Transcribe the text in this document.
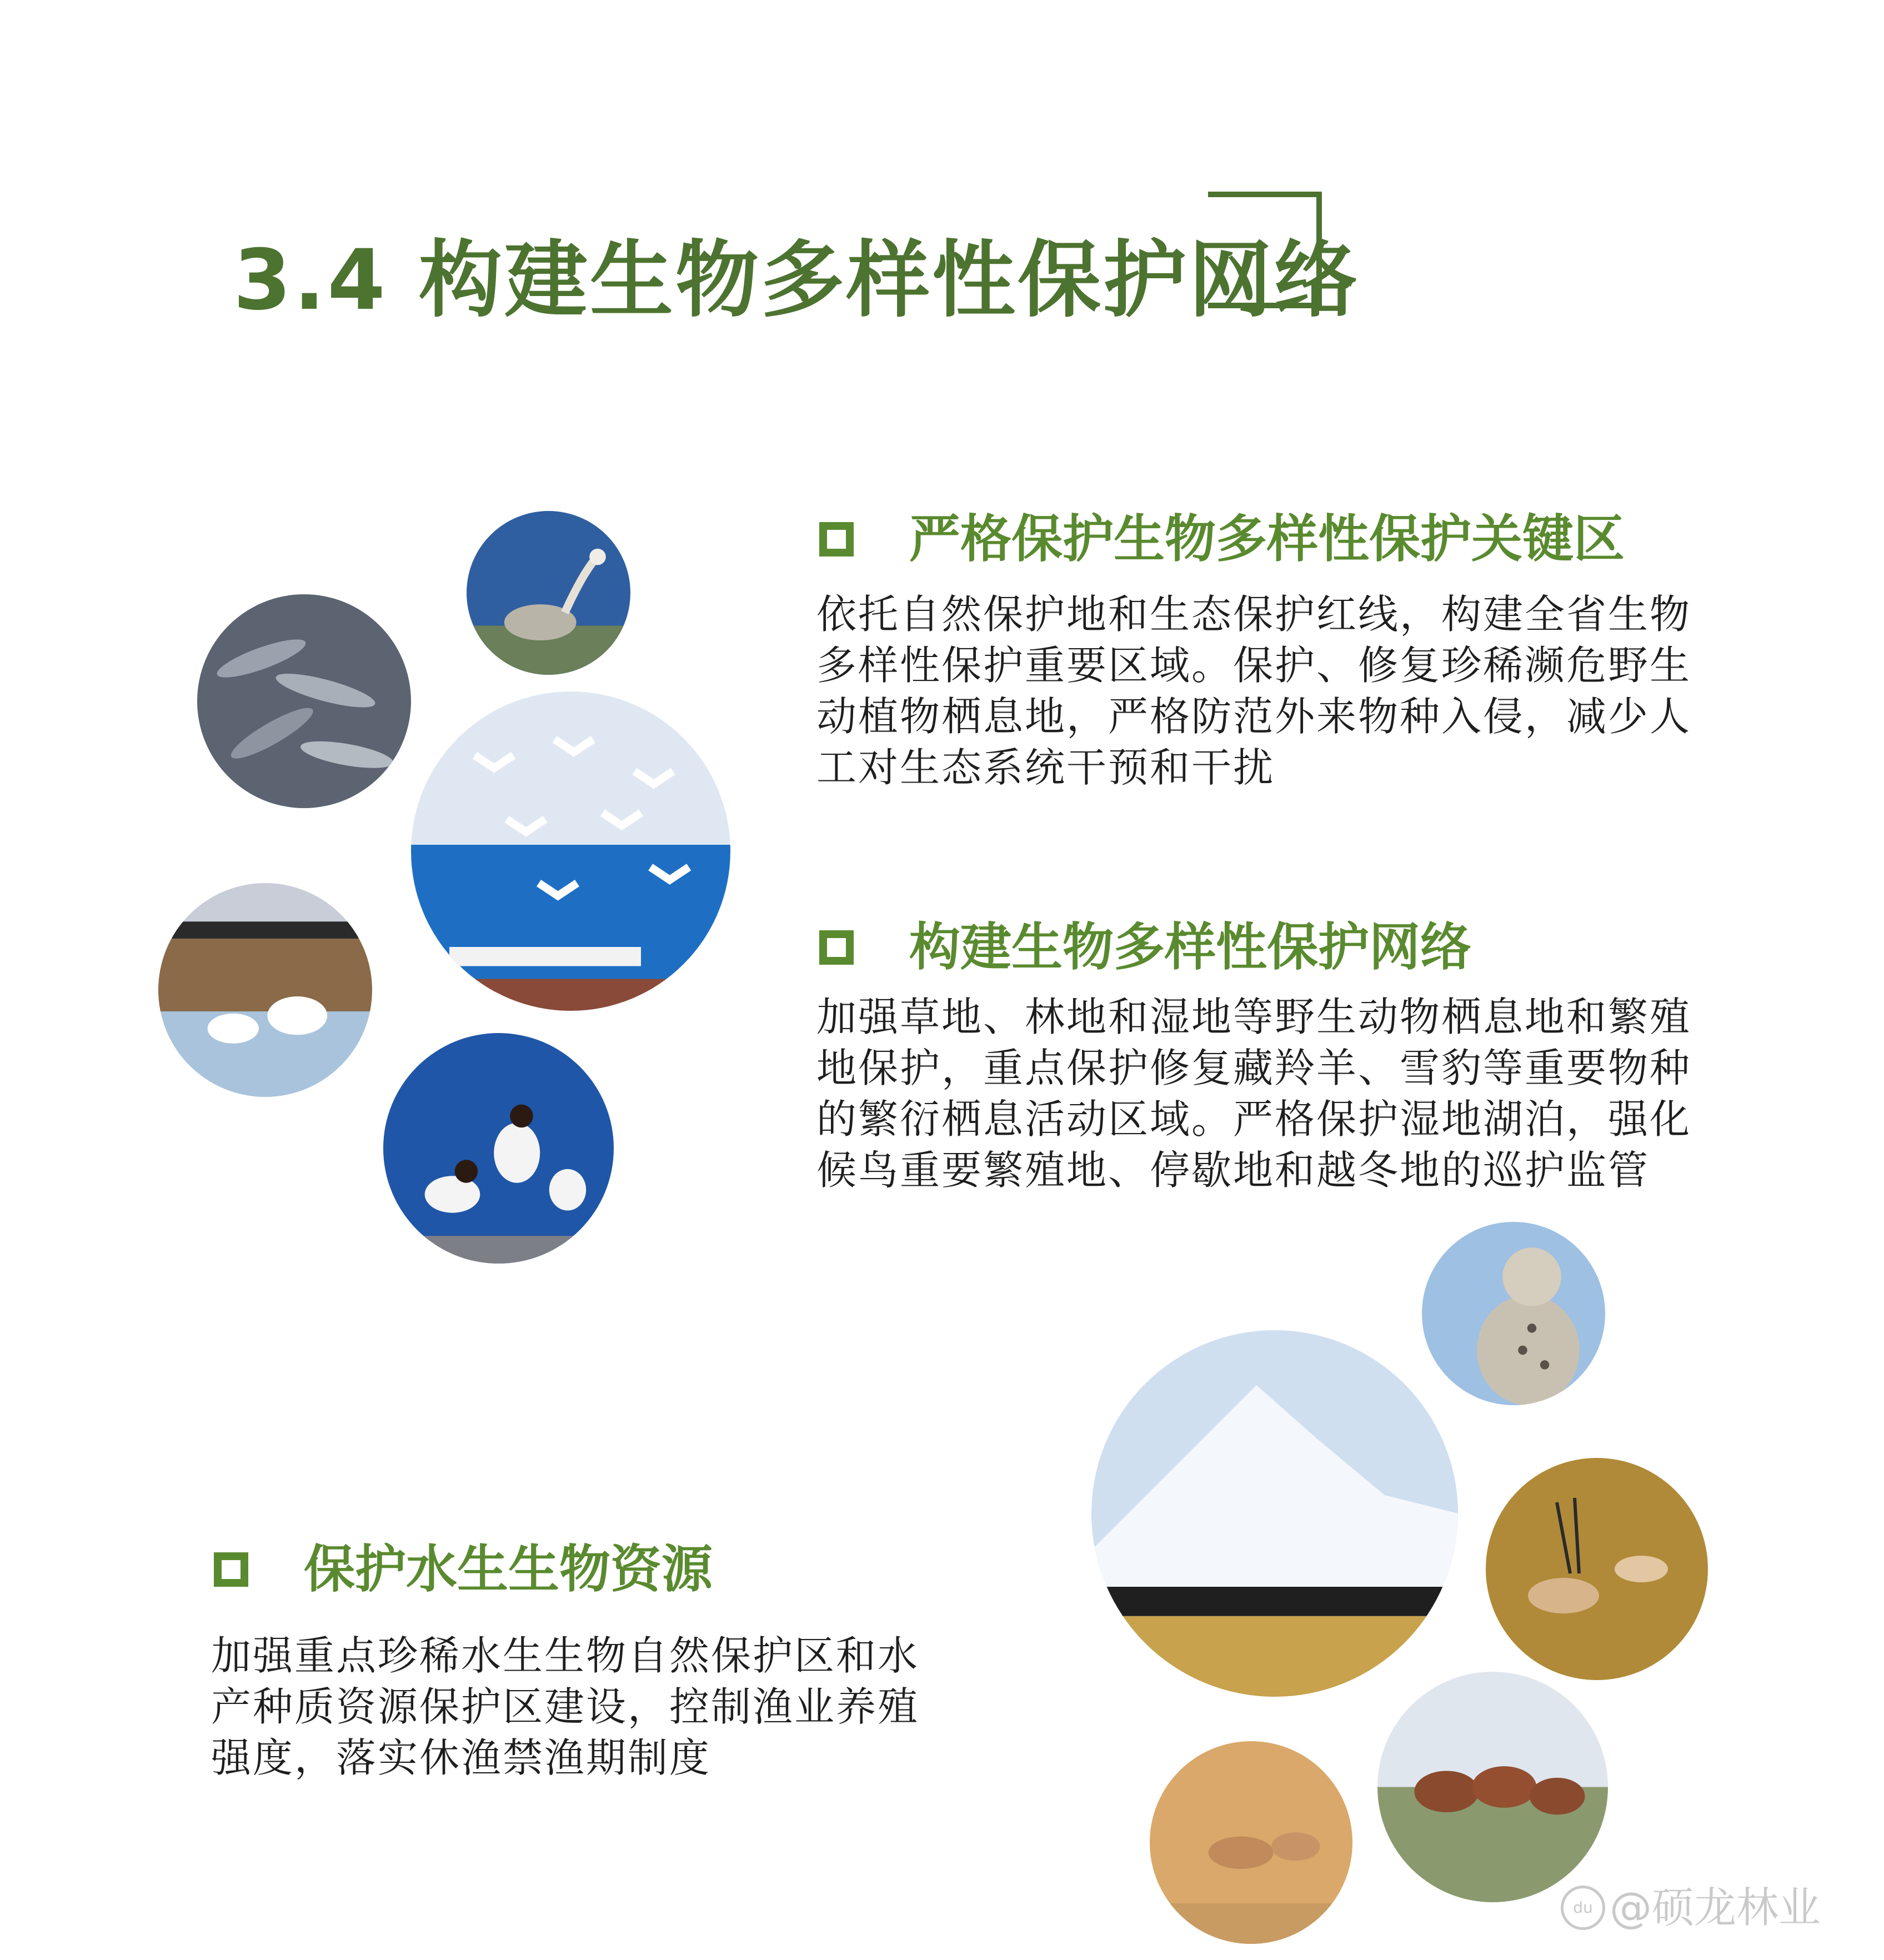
3.4 构建生物多样性保护网络
严格保护生物多样性保护关键区

依托自然保护地和生态保护红线，构建全省生物

多样性保护重要区域。保护、修复珍稀濒危野生

动植物栖息地，严格防范外来物种入侵，减少人

工对生态系统干预和干扰

构建生物多样性保护网络

加强草地、林地和湿地等野生动物栖息地和繁殖

地保护，重点保护修复藏羚羊、雪豹等重要物种

的繁衍栖息活动区域。严格保护湿地湖泊，强化

候鸟重要繁殖地、停歇地和越冬地的巡护监管

保护水生生物资源

加强重点珍稀水生生物自然保护区和水

产种质资源保护区建设，控制渔业养殖

强度，落实休渔禁渔期制度

du @硕龙林业
